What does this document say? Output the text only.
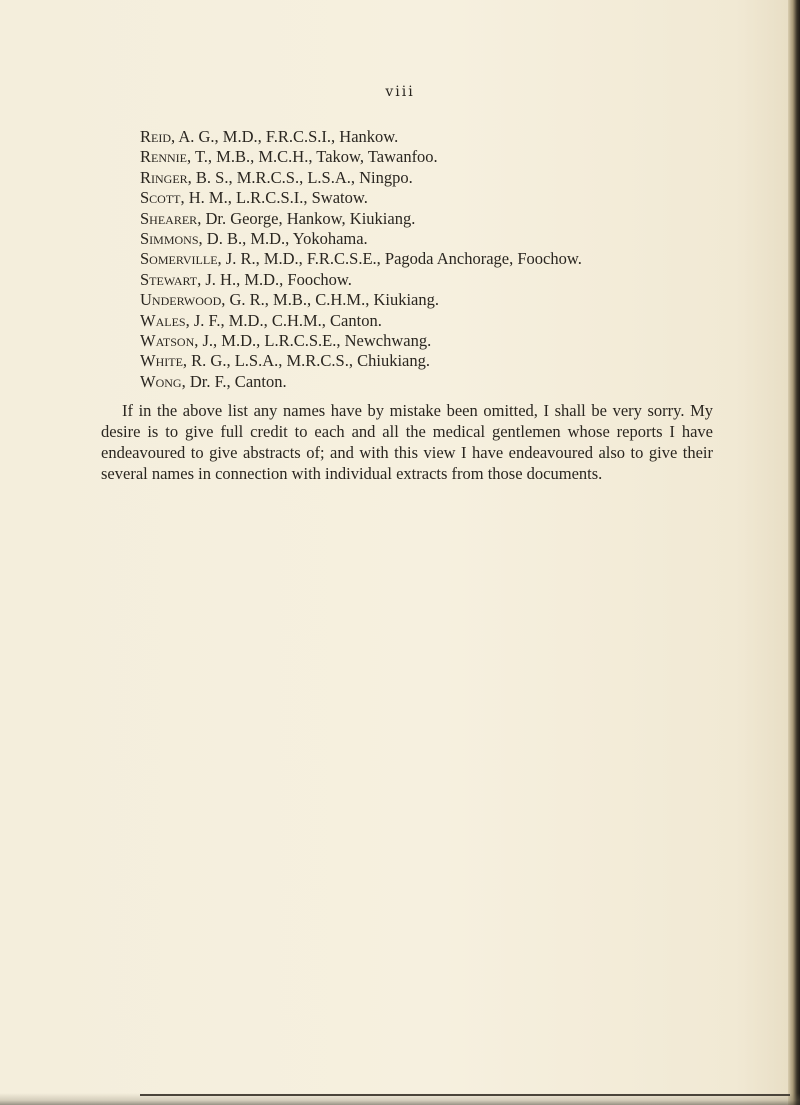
viii
Reid, A. G., M.D., F.R.C.S.I., Hankow.
Rennie, T., M.B., M.C.H., Takow, Tawanfoo.
Ringer, B. S., M.R.C.S., L.S.A., Ningpo.
Scott, H. M., L.R.C.S.I., Swatow.
Shearer, Dr. George, Hankow, Kiukiang.
Simmons, D. B., M.D., Yokohama.
Somerville, J. R., M.D., F.R.C.S.E., Pagoda Anchorage, Foochow.
Stewart, J. H., M.D., Foochow.
Underwood, G. R., M.B., C.H.M., Kiukiang.
Wales, J. F., M.D., C.H.M., Canton.
Watson, J., M.D., L.R.C.S.E., Newchwang.
White, R. G., L.S.A., M.R.C.S., Chiukiang.
Wong, Dr. F., Canton.

If in the above list any names have by mistake been omitted, I shall be very sorry. My desire is to give full credit to each and all the medical gentlemen whose reports I have endeavoured to give abstracts of; and with this view I have endeavoured also to give their several names in connection with individual extracts from those documents.
